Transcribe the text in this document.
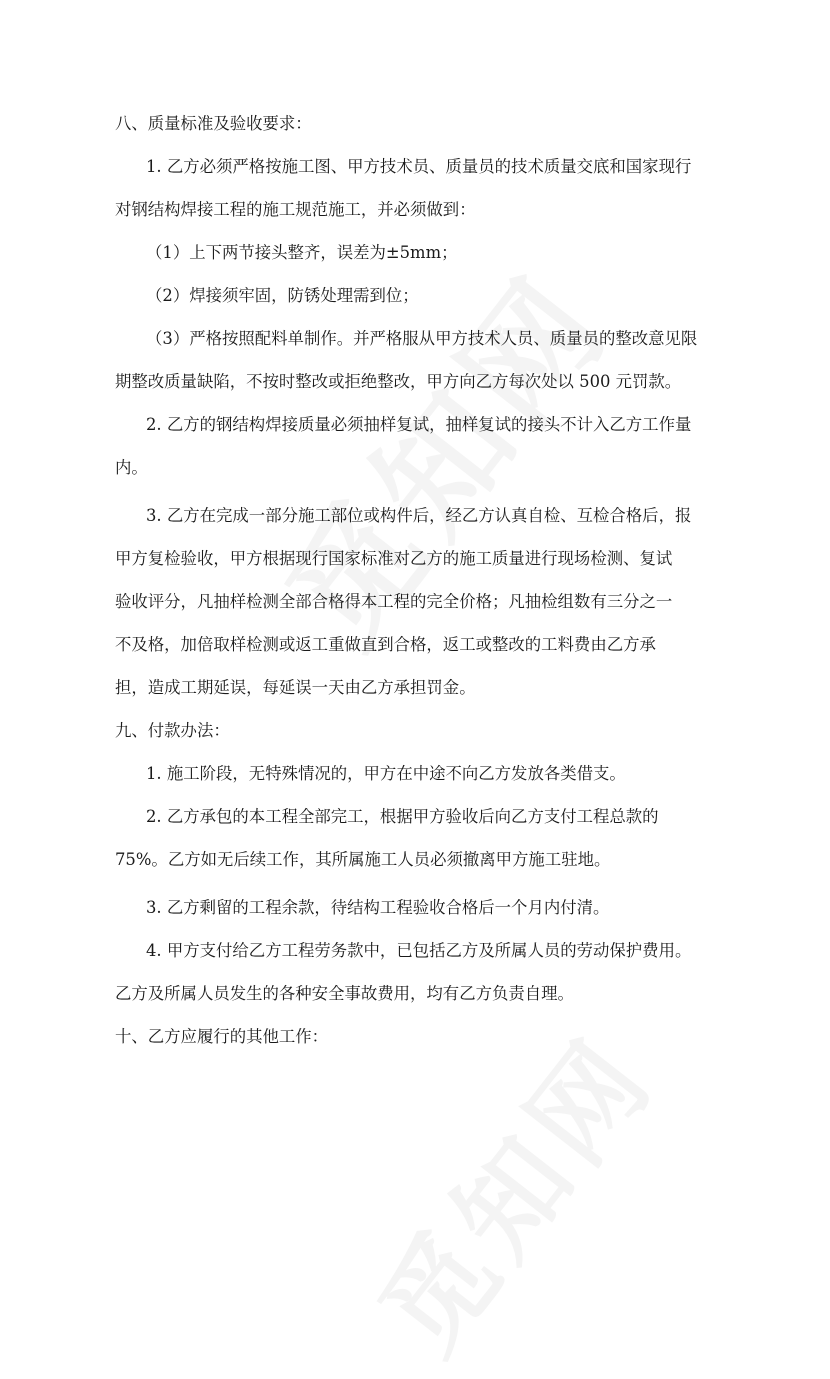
八、质量标准及验收要求：
1. 乙方必须严格按施工图、甲方技术员、质量员的技术质量交底和国家现行
对钢结构焊接工程的施工规范施工，并必须做到：
（1）上下两节接头整齐，误差为±5mm；
（2）焊接须牢固，防锈处理需到位；
（3）严格按照配料单制作。并严格服从甲方技术人员、质量员的整改意见限
期整改质量缺陷，不按时整改或拒绝整改，甲方向乙方每次处以 500 元罚款。
2. 乙方的钢结构焊接质量必须抽样复试，抽样复试的接头不计入乙方工作量
内。
3. 乙方在完成一部分施工部位或构件后，经乙方认真自检、互检合格后，报
甲方复检验收，甲方根据现行国家标准对乙方的施工质量进行现场检测、复试
验收评分，凡抽样检测全部合格得本工程的完全价格；凡抽检组数有三分之一
不及格，加倍取样检测或返工重做直到合格，返工或整改的工料费由乙方承
担，造成工期延误，每延误一天由乙方承担罚金。
九、付款办法：
1. 施工阶段，无特殊情况的，甲方在中途不向乙方发放各类借支。
2. 乙方承包的本工程全部完工，根据甲方验收后向乙方支付工程总款的
75%。乙方如无后续工作，其所属施工人员必须撤离甲方施工驻地。
3. 乙方剩留的工程余款，待结构工程验收合格后一个月内付清。
4. 甲方支付给乙方工程劳务款中，已包括乙方及所属人员的劳动保护费用。
乙方及所属人员发生的各种安全事故费用，均有乙方负责自理。
十、乙方应履行的其他工作：
